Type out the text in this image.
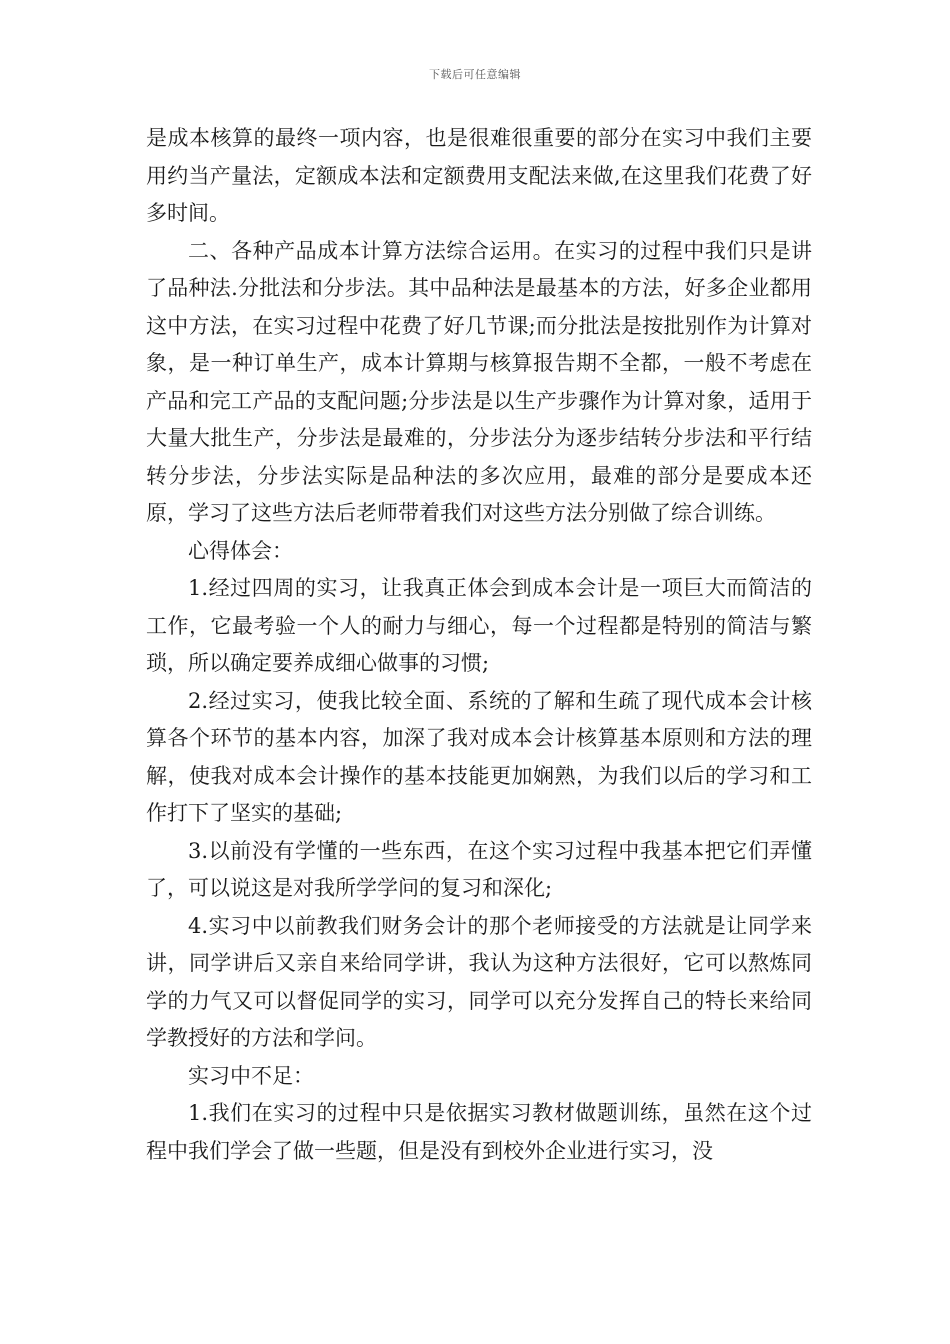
下载后可任意编辑

是成本核算的最终一项内容，也是很难很重要的部分在实习中我们主要用约当产量法，定额成本法和定额费用支配法来做,在这里我们花费了好多时间。

二、各种产品成本计算方法综合运用。在实习的过程中我们只是讲了品种法.分批法和分步法。其中品种法是最基本的方法，好多企业都用这中方法，在实习过程中花费了好几节课;而分批法是按批别作为计算对象，是一种订单生产，成本计算期与核算报告期不全都，一般不考虑在产品和完工产品的支配问题;分步法是以生产步骤作为计算对象，适用于大量大批生产，分步法是最难的，分步法分为逐步结转分步法和平行结转分步法，分步法实际是品种法的多次应用，最难的部分是要成本还原，学习了这些方法后老师带着我们对这些方法分别做了综合训练。

心得体会：

1.经过四周的实习，让我真正体会到成本会计是一项巨大而简洁的工作，它最考验一个人的耐力与细心，每一个过程都是特别的简洁与繁琐，所以确定要养成细心做事的习惯;

2.经过实习，使我比较全面、系统的了解和生疏了现代成本会计核算各个环节的基本内容，加深了我对成本会计核算基本原则和方法的理解，使我对成本会计操作的基本技能更加娴熟，为我们以后的学习和工作打下了坚实的基础;

3.以前没有学懂的一些东西，在这个实习过程中我基本把它们弄懂了，可以说这是对我所学学问的复习和深化;

4.实习中以前教我们财务会计的那个老师接受的方法就是让同学来讲，同学讲后又亲自来给同学讲，我认为这种方法很好，它可以熬炼同学的力气又可以督促同学的实习，同学可以充分发挥自己的特长来给同学教授好的方法和学问。

实习中不足：

1.我们在实习的过程中只是依据实习教材做题训练，虽然在这个过程中我们学会了做一些题，但是没有到校外企业进行实习，没
